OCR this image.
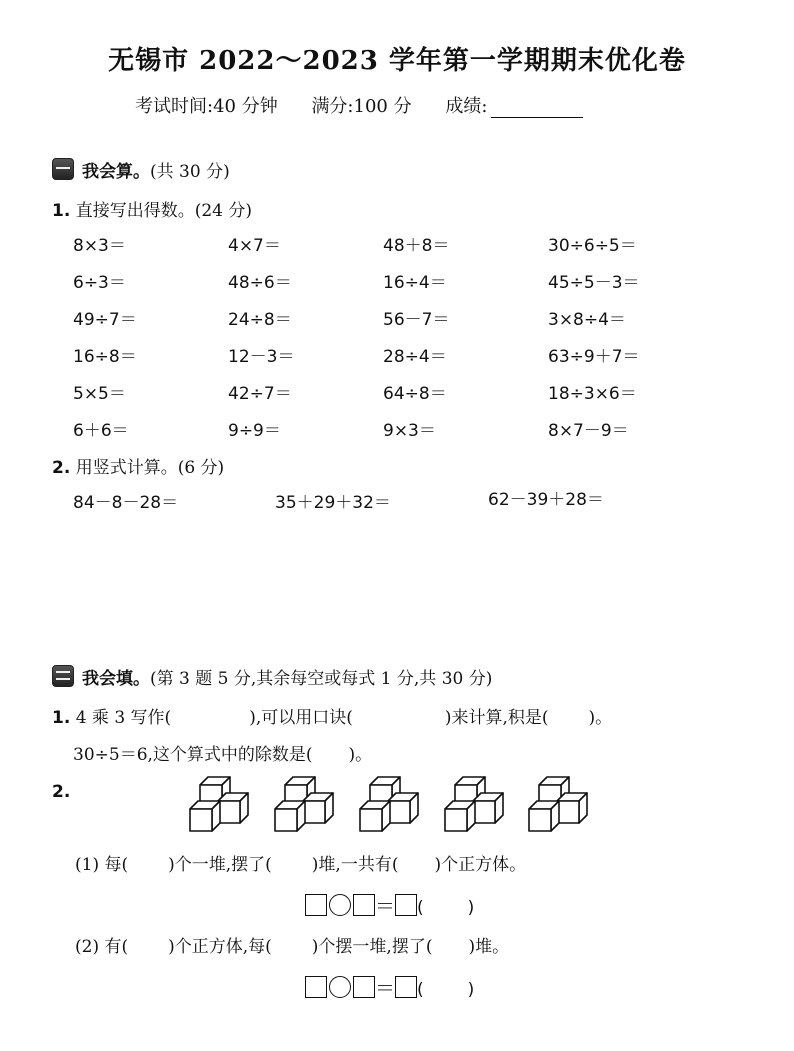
无锡市 2022～2023 学年第一学期期末优化卷
考试时间:40 分钟 满分:100 分 成绩:
我会算。(共 30 分)
1. 直接写出得数。(24 分)
8×3＝	4×7＝	48＋8＝	30÷6÷5＝
6÷3＝	48÷6＝	16÷4＝	45÷5－3＝
49÷7＝	24÷8＝	56－7＝	3×8÷4＝
16÷8＝	12－3＝	28÷4＝	63÷9＋7＝
5×5＝	42÷7＝	64÷8＝	18÷3×6＝
6＋6＝	9÷9＝	9×3＝	8×7－9＝
2. 用竖式计算。(6 分)
84－8－28＝	35＋29＋32＝	62－39＋28＝
我会填。(第 3 题 5 分,其余每空或每式 1 分,共 30 分)
1. 4 乘 3 写作(	),可以用口诀(	)来计算,积是( )。
30÷5＝6,这个算式中的除数是( )。
2.
(1) 每( )个一堆,摆了( )堆,一共有( )个正方体。
＝ (	)
(2) 有( )个正方体,每( )个摆一堆,摆了( )堆。
＝ (	)
